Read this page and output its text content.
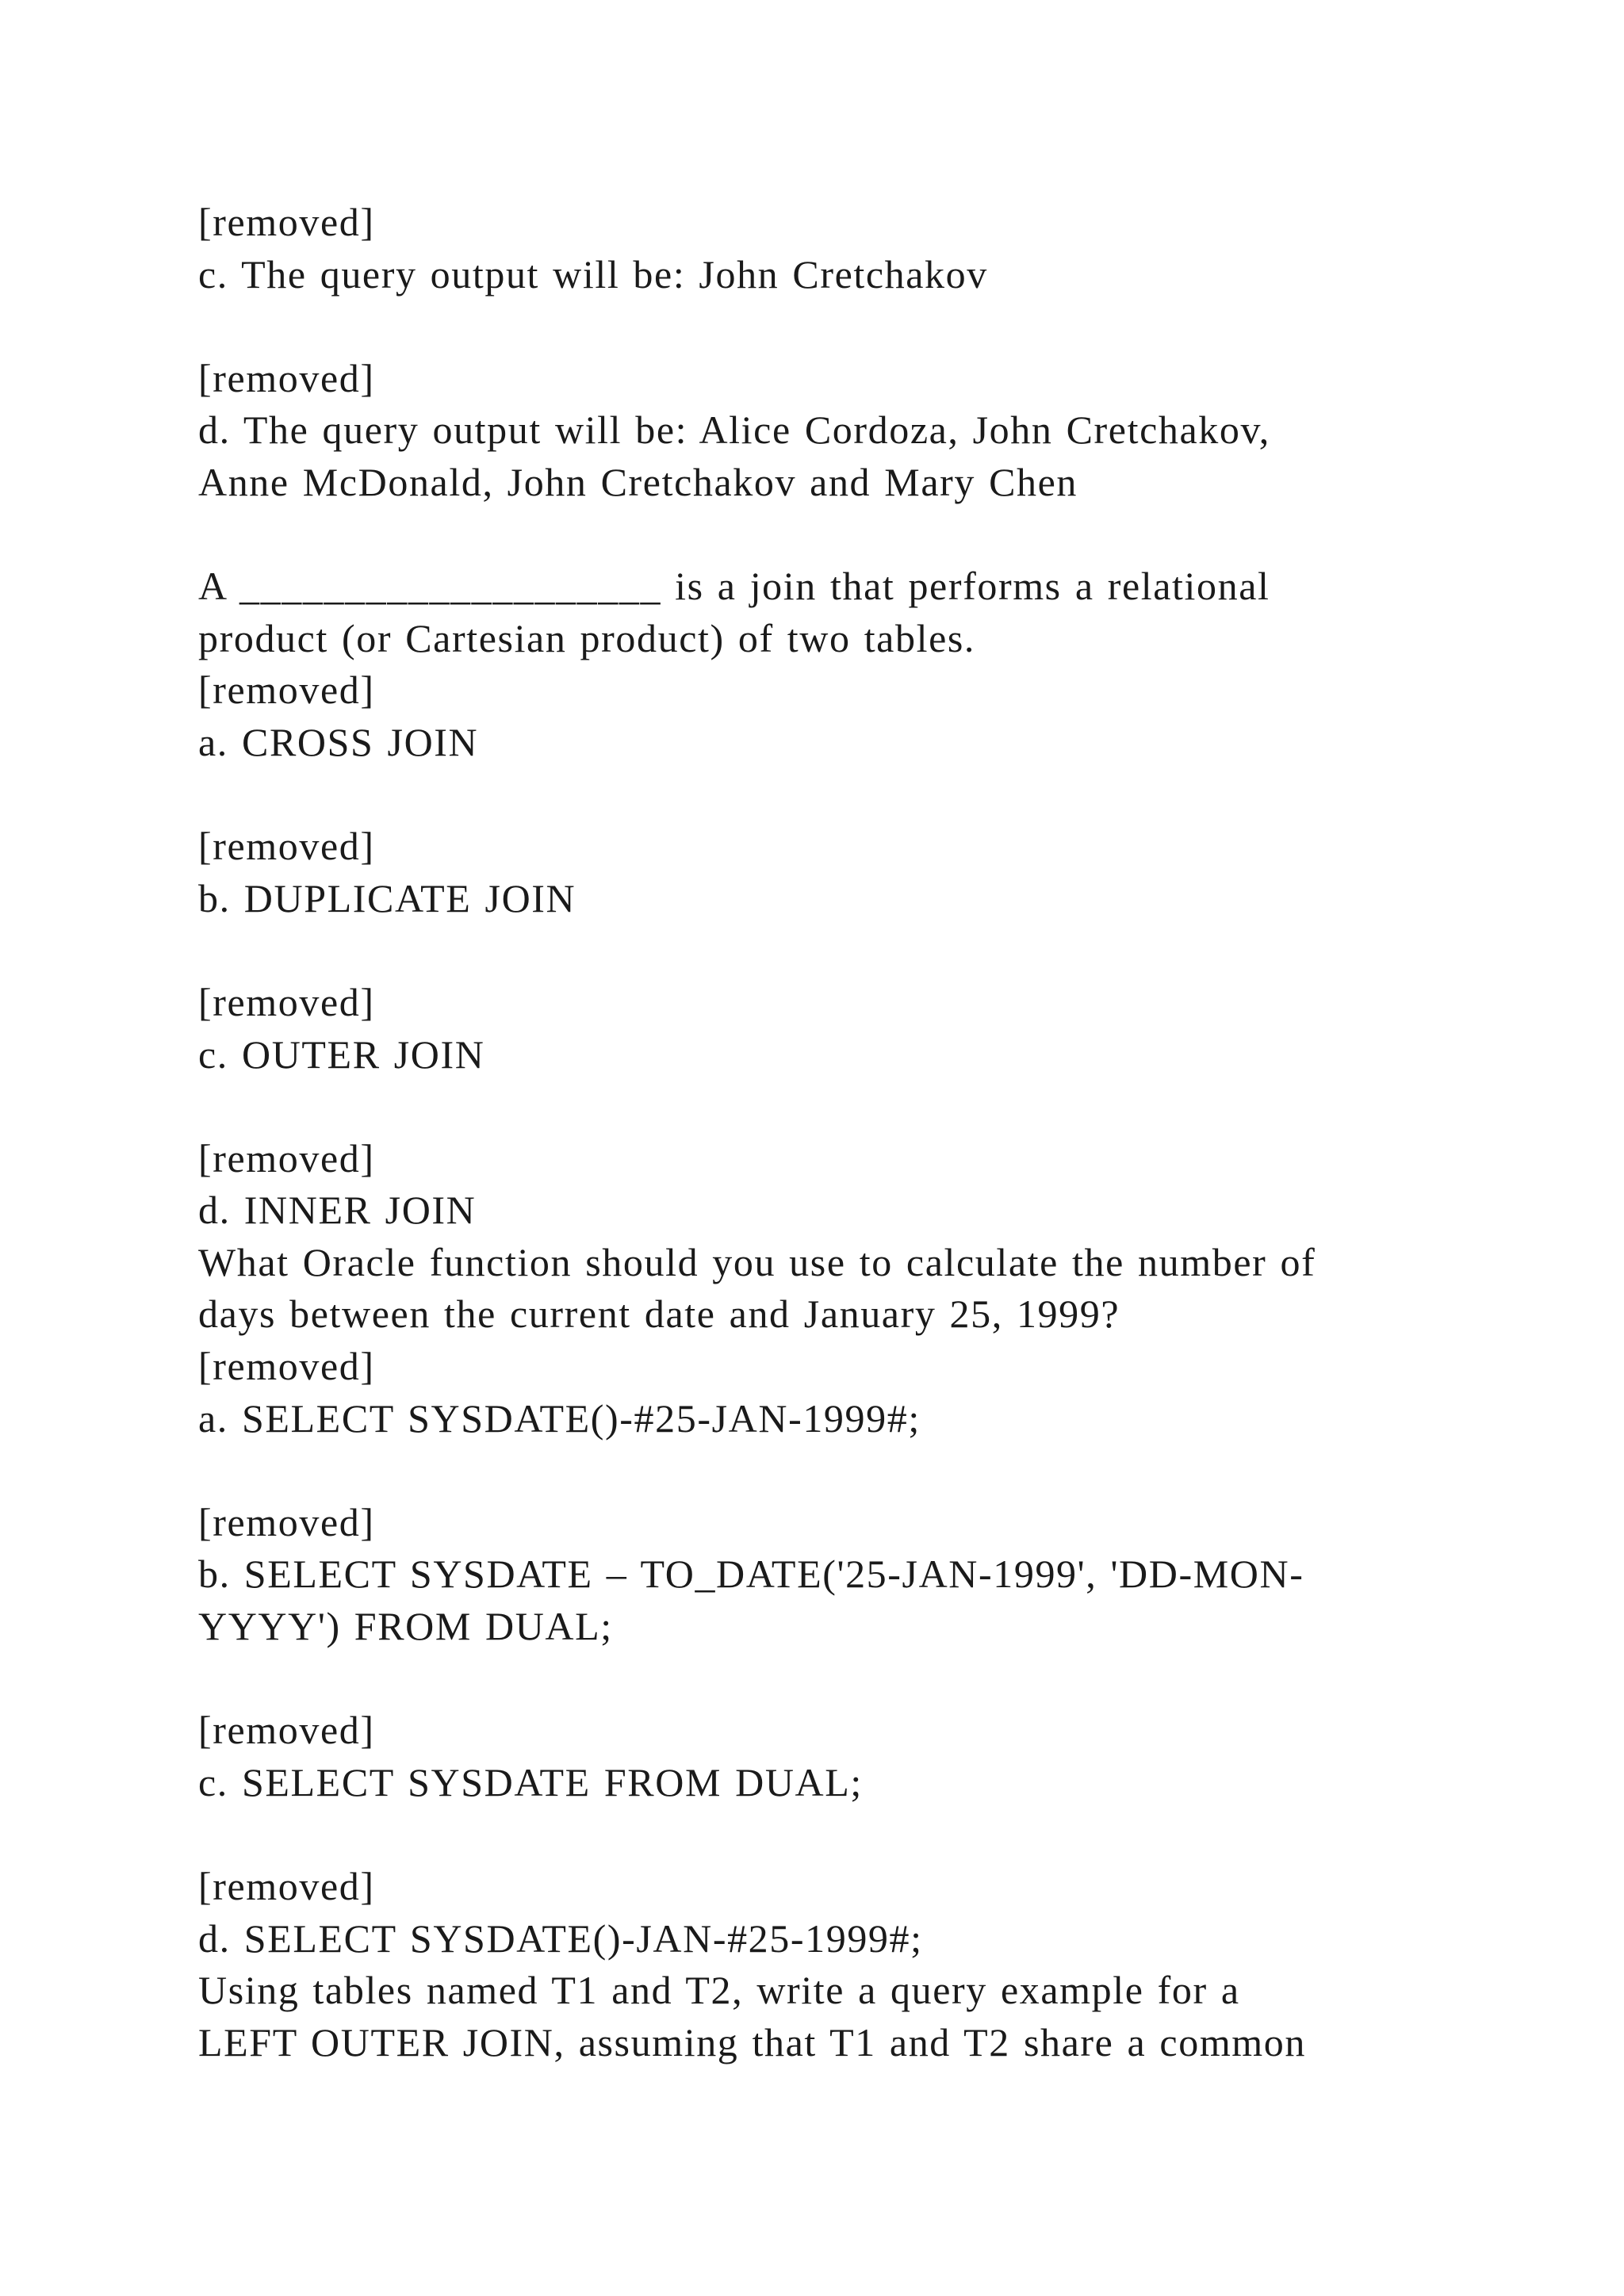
[removed]
c. The query output will be: John Cretchakov
[removed]
d. The query output will be: Alice Cordoza, John Cretchakov,
Anne McDonald, John Cretchakov and Mary Chen
A ____________________ is a join that performs a relational
product (or Cartesian product) of two tables.
[removed]
a. CROSS JOIN
[removed]
b. DUPLICATE JOIN
[removed]
c. OUTER JOIN
[removed]
d. INNER JOIN
What Oracle function should you use to calculate the number of
days between the current date and January 25, 1999?
[removed]
a. SELECT SYSDATE()-#25-JAN-1999#;
[removed]
b. SELECT SYSDATE – TO_DATE('25-JAN-1999', 'DD-MON-
YYYY') FROM DUAL;
[removed]
c. SELECT SYSDATE FROM DUAL;
[removed]
d. SELECT SYSDATE()-JAN-#25-1999#;
Using tables named T1 and T2, write a query example for a
LEFT OUTER JOIN, assuming that T1 and T2 share a common
